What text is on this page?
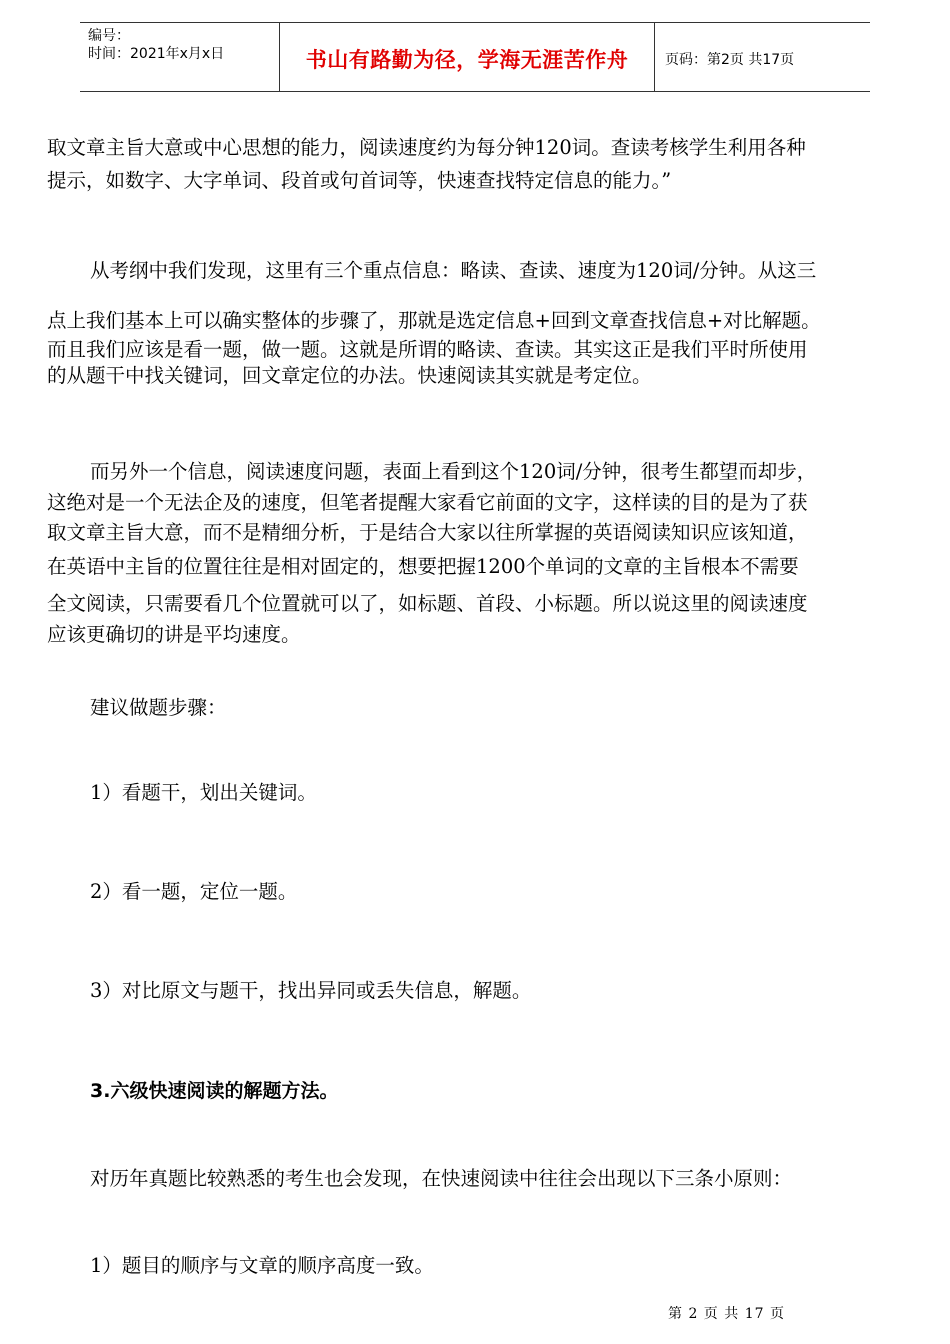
编号：
时间：2021年x月x日	书山有路勤为径，学海无涯苦作舟	页码：第2页 共17页
取文章主旨大意或中心思想的能力，阅读速度约为每分钟120词。查读考核学生利用各种
提示，如数字、大字单词、段首或句首词等，快速查找特定信息的能力。”
从考纲中我们发现，这里有三个重点信息：略读、查读、速度为120词/分钟。从这三
点上我们基本上可以确实整体的步骤了，那就是选定信息+回到文章查找信息+对比解题。
而且我们应该是看一题，做一题。这就是所谓的略读、查读。其实这正是我们平时所使用
的从题干中找关键词，回文章定位的办法。快速阅读其实就是考定位。
而另外一个信息，阅读速度问题，表面上看到这个120词/分钟，很考生都望而却步，
这绝对是一个无法企及的速度，但笔者提醒大家看它前面的文字，这样读的目的是为了获
取文章主旨大意，而不是精细分析，于是结合大家以往所掌握的英语阅读知识应该知道，
在英语中主旨的位置往往是相对固定的，想要把握1200个单词的文章的主旨根本不需要
全文阅读，只需要看几个位置就可以了，如标题、首段、小标题。所以说这里的阅读速度
应该更确切的讲是平均速度。
建议做题步骤：
1）看题干，划出关键词。
2）看一题，定位一题。
3）对比原文与题干，找出异同或丢失信息，解题。
3.六级快速阅读的解题方法。
对历年真题比较熟悉的考生也会发现，在快速阅读中往往会出现以下三条小原则：
1）题目的顺序与文章的顺序高度一致。
第 2 页 共 17 页
